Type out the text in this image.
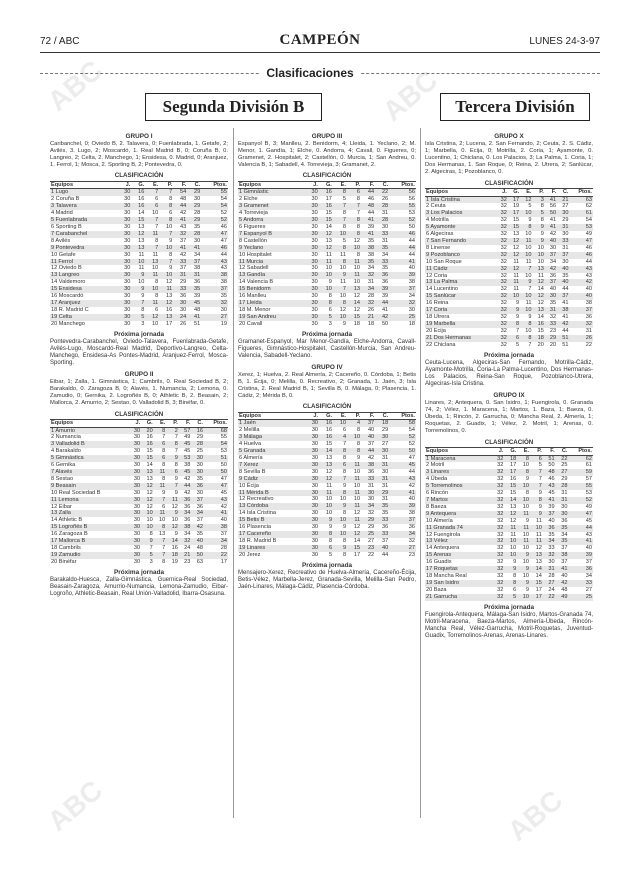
72 / ABC	CAMPEÓN	LUNES 24-3-97
Clasificaciones
Segunda División B	Tercera División
GRUPO I
Caribanchel, 0; Oviedo B, 2. Talavera, 0; Fuenlabrada, 1. Getafe, 2; Avilés, 3. Lugo, 2; Moscardó, 1. Real Madrid B, 0; Coruña B, 0. Langreo, 2; Celta, 2. Manchego, 1; Ensidesa, 0. Madrid, 0; Aranjuez, 1. Ferrol, 1; Mosca, 2. Sporting B, 2; Pontevedra, 0.
CLASIFICACIÓN
Equipos	J.	G.	E.	P.	F.	C.	Ptos.
1 Lugo	30	16	7	7	54	29	55
2 Coruña B	30	16	6	8	48	30	54
3 Talavera	30	16	6	8	44	29	54
4 Madrid	30	14	10	6	42	28	52
5 Fuenlabrada	30	15	7	8	41	29	52
6 Sporting B	30	13	7	10	43	35	46
7 Carabanchel	30	12	11	7	32	28	47
8 Avilés	30	13	8	9	37	30	47
9 Pontevedra	30	13	7	10	41	41	46
10 Getafe	30	11	11	8	42	34	44
11 Ferrol	30	10	13	7	33	37	43
12 Oviedo B	30	11	10	9	37	38	43
13 Langreo	30	9	11	10	31	31	38
14 Valdemoro	30	10	8	12	29	36	38
15 Ensidesa	30	9	10	11	33	35	37
16 Moscardó	30	9	8	13	36	39	35
17 Aranjuez	30	7	11	12	30	45	32
18 R. Madrid C	30	8	6	16	30	48	30
19 Celta	30	5	12	13	24	41	27
20 Manchego	30	3	10	17	26	51	19
Próxima jornada
Pontevedra-Carabanchel, Oviedo-Talavera, Fuenlabrada-Getafe, Avilés-Lugo, Moscardó-Real Madrid, Deportivo-Langreo, Celta-Manchego, Ensidesa-As Pontes-Madrid, Aranjuez-Ferrol, Mosca-Sporting.
GRUPO II
Eibar, 1; Zalla, 1. Gimnástica, 1; Cambrils, 0. Real Sociedad B, 2; Barakaldo, 0. Zaragoza B, 0; Alavés, 1. Numancia, 2; Lemona, 0. Zamudio, 0; Gernika, 2. Logroñés B, 0; Athletic B, 2. Beasain, 2; Mallorca, 2. Amurrio, 2; Sestao, 0. Valladolid B, 3; Binéfar, 0.
CLASIFICACIÓN
Equipos	J.	G.	E.	P.	F.	C.	Ptos.
1 Amurrio	30	20	8	2	57	16	68
2 Numancia	30	16	7	7	49	29	55
3 Valladolid B	30	16	6	8	45	28	54
4 Barakaldo	30	15	8	7	45	25	53
5 Gimnástica	30	15	6	9	53	30	51
6 Gernika	30	14	8	8	38	30	50
7 Alavés	30	13	11	6	45	30	50
8 Sestao	30	13	8	9	42	35	47
9 Beasain	30	12	11	7	44	36	47
10 Real Sociedad B	30	12	9	9	42	30	45
11 Lemona	30	12	7	11	36	37	43
12 Eibar	30	12	6	12	36	36	42
13 Zalla	30	10	11	9	34	34	41
14 Athletic B	30	10	10	10	36	37	40
15 Logroñés B	30	10	8	12	38	42	38
16 Zaragoza B	30	8	13	9	34	35	37
17 Mallorca B	30	9	7	14	32	40	34
18 Cambrils	30	7	7	16	24	48	28
19 Zamudio	30	5	7	18	21	50	22
20 Binéfar	30	3	8	19	23	63	17
Próxima jornada
Barakaldo-Huesca, Zalla-Gimnástica, Guernica-Real Sociedad, Beasain-Zaragoza, Amurrio-Numancia, Lemona-Zamudio, Eibar-Logroño, Athletic-Beasain, Real Unión-Valladolid, Ibarra-Osasuna.
GRUPO III
Espanyol B, 3; Manlleu, 2. Benidorm, 4; Lleida, 1. Yeclano, 2; M. Menor, 1. Gandía, 1; Elche, 0. Andorra, 4; Cavall, 0. Figueres, 0; Gramenet, 2. Hospitalet, 2; Castellón, 0. Murcia, 1; San Andreu, 0. Valencia B, 1; Sabadell, 4. Torrevieja, 3; Gramanet, 2.
CLASIFICACIÓN
Equipos	J.	G.	E.	P.	F.	C.	Ptos.
1 Gimnàstic	30	16	8	6	44	22	56
2 Elche	30	17	5	8	46	26	56
3 Gramenet	30	16	7	7	48	28	55
4 Torrevieja	30	15	8	7	44	31	53
5 Andorra	30	15	7	8	41	28	52
6 Figueres	30	14	8	8	39	30	50
7 Espanyol B	30	12	10	8	41	33	46
8 Castellón	30	13	5	12	35	31	44
9 Yeclano	30	12	8	10	38	35	44
10 Hospitalet	30	11	11	8	38	34	44
11 Murcia	30	11	8	11	35	33	41
12 Sabadell	30	10	10	10	34	35	40
13 Gandía	30	10	9	11	32	36	39
14 Valencia B	30	9	11	10	31	36	38
15 Benidorm	30	10	7	13	34	39	37
16 Manlleu	30	8	10	12	28	39	34
17 Lleida	30	8	8	14	32	44	32
18 M. Menor	30	6	12	12	26	41	30
19 San Andreu	30	5	10	15	21	42	25
20 Cavall	30	3	9	18	18	50	18
Próxima jornada
Gramanet-Espanyol, Mar Menor-Gandía, Elche-Andorra, Cavall-Figueres, Gimnástico-Hospitalet, Castellón-Murcia, San Andreu-Valencia, Sabadell-Yeclano.
GRUPO IV
Xerez, 1; Huelva, 2. Real Almería, 2; Cacereño, 0. Córdoba, 1; Betis B, 1. Écija, 0; Melilla, 0. Recreativo, 2; Granada, 1. Jaén, 3; Isla Cristina, 2. Real Madrid B, 1; Sevilla B, 0. Málaga, 0; Plasencia, 1. Cádiz, 2; Mérida B, 0.
CLASIFICACIÓN
Equipos	J.	G.	E.	P.	F.	C.	Ptos.
1 Jaén	30	16	10	4	37	18	58
2 Melilla	30	16	6	8	40	29	54
3 Málaga	30	16	4	10	40	30	52
4 Huelva	30	15	7	8	37	27	52
5 Granada	30	14	8	8	44	30	50
6 Almería	30	13	8	9	42	31	47
7 Xerez	30	13	6	11	38	31	45
8 Sevilla B	30	12	8	10	36	30	44
9 Cádiz	30	12	7	11	33	31	43
10 Écija	30	11	9	10	31	31	42
11 Mérida B	30	11	8	11	30	29	41
12 Recreativo	30	10	10	10	30	31	40
13 Córdoba	30	10	9	11	34	35	39
14 Isla Cristina	30	10	8	12	32	35	38
15 Betis B	30	9	10	11	29	33	37
16 Plasencia	30	9	9	12	29	36	36
17 Cacereño	30	8	10	12	25	33	34
18 R. Madrid B	30	8	8	14	27	37	32
19 Linares	30	6	9	15	23	40	27
20 Jerez	30	5	8	17	22	44	23
Próxima jornada
Mensajero-Xerez, Recreativo de Huelva-Almería, Cacereño-Écija, Betis-Vélez, Marbella-Jerez, Granada-Sevilla, Melilla-San Pedro, Jaén-Linares, Málaga-Cádiz, Plasencia-Córdoba.
GRUPO X
Isla Cristina, 2; Lucena, 2. San Fernando, 2; Ceuta, 2. S. Cádiz, 1; Marbella, 0. Ecija, 0; Motrilla, 2. Coria, 1; Ayamonte, 0. Lucentino, 1; Chiclana, 0. Los Palacios, 3; La Palma, 1. Coria, 1; Dos Hermanas, 1. San Roque, 0; Reina, 2. Utrera, 2; Sanlúcar, 2. Algeciras, 1; Pozoblanco, 0.
CLASIFICACIÓN
Equipos	J.	G.	E.	P.	F.	C.	Ptos.
1 Isla Cristina	32	17	12	3	41	21	63
2 Ceuta	32	19	5	8	56	27	62
3 Los Palacios	32	17	10	5	50	30	61
4 Motrilla	32	15	9	8	41	29	54
5 Ayamonte	32	15	8	9	41	31	53
6 Algeciras	32	13	10	9	42	30	49
7 San Fernando	32	12	11	9	40	33	47
8 Linense	32	12	10	10	30	31	46
9 Pozoblanco	32	12	10	10	37	37	46
10 San Roque	32	11	11	10	34	30	44
11 Cádiz	32	12	7	13	42	40	43
12 Coria	32	11	10	11	36	35	43
13 La Palma	32	11	9	12	37	40	42
14 Lucentino	32	11	7	14	40	44	40
15 Sanlúcar	32	10	10	12	30	37	40
16 Reina	32	9	11	12	35	41	38
17 Coria	32	9	10	13	31	38	37
18 Utrera	32	9	9	14	32	41	36
19 Marbella	32	8	8	16	33	42	32
20 Ecija	32	7	10	15	23	44	31
21 Dos Hermanas	32	6	8	18	29	51	26
22 Chiclana	32	5	7	20	20	51	22
Próxima jornada
Ceuta-Lucena, Algeciras-San Fernando, Motrilla-Cádiz, Ayamonte-Motrilla, Coria-La Palma-Lucentino, Dos Hermanas-Los Palacios, Reina-San Roque, Pozoblanco-Utrera, Algeciras-Isla Cristina.
GRUPO IX
Linares, 2; Antequera, 0. San Isidro, 1; Fuengirola, 0. Granada 74, 2; Vélez, 1. Maracena, 1; Martos, 1. Baza, 1; Baeza, 0. Úbeda, 1; Rincón, 2. Garrucha, 0; Mancha Real, 2. Almería, 1; Roquetas, 2. Guadix, 1; Vélez, 2. Motril, 1; Arenas, 0. Torremolinos, 0.
CLASIFICACIÓN
Equipos	J.	G.	E.	P.	F.	C.	Ptos.
1 Maracena	32	18	8	6	51	22	62
2 Motril	32	17	10	5	50	25	61
3 Linares	32	17	8	7	48	27	59
4 Úbeda	32	16	9	7	46	29	57
5 Torremolinos	32	15	10	7	43	28	55
6 Rincón	32	15	8	9	45	31	53
7 Martos	32	14	10	8	41	31	52
8 Baeza	32	13	10	9	39	30	49
9 Antequera	32	12	11	9	37	30	47
10 Almería	32	12	9	11	40	36	45
11 Granada 74	32	11	11	10	36	35	44
12 Fuengirola	32	11	10	11	35	34	43
13 Vélez	32	10	11	11	34	35	41
14 Antequera	32	10	10	12	33	37	40
15 Arenas	32	10	9	13	32	38	39
16 Guadix	32	9	10	13	30	37	37
17 Roquetas	32	9	9	14	31	41	36
18 Mancha Real	32	8	10	14	28	40	34
19 San Isidro	32	8	9	15	27	42	33
20 Baza	32	6	9	17	24	48	27
21 Garrucha	32	5	10	17	22	49	25
Próxima jornada
Fuengirola-Antequera, Málaga-San Isidro, Martos-Granada 74, Motril-Maracena, Baeza-Martos, Almería-Úbeda, Rincón-Mancha Real, Vélez-Garrucha, Motril-Roquetas, Juventud-Guadix, Torremolinos-Arenas, Arenas-Linares.
ABC	ABC
ABC	ABC
